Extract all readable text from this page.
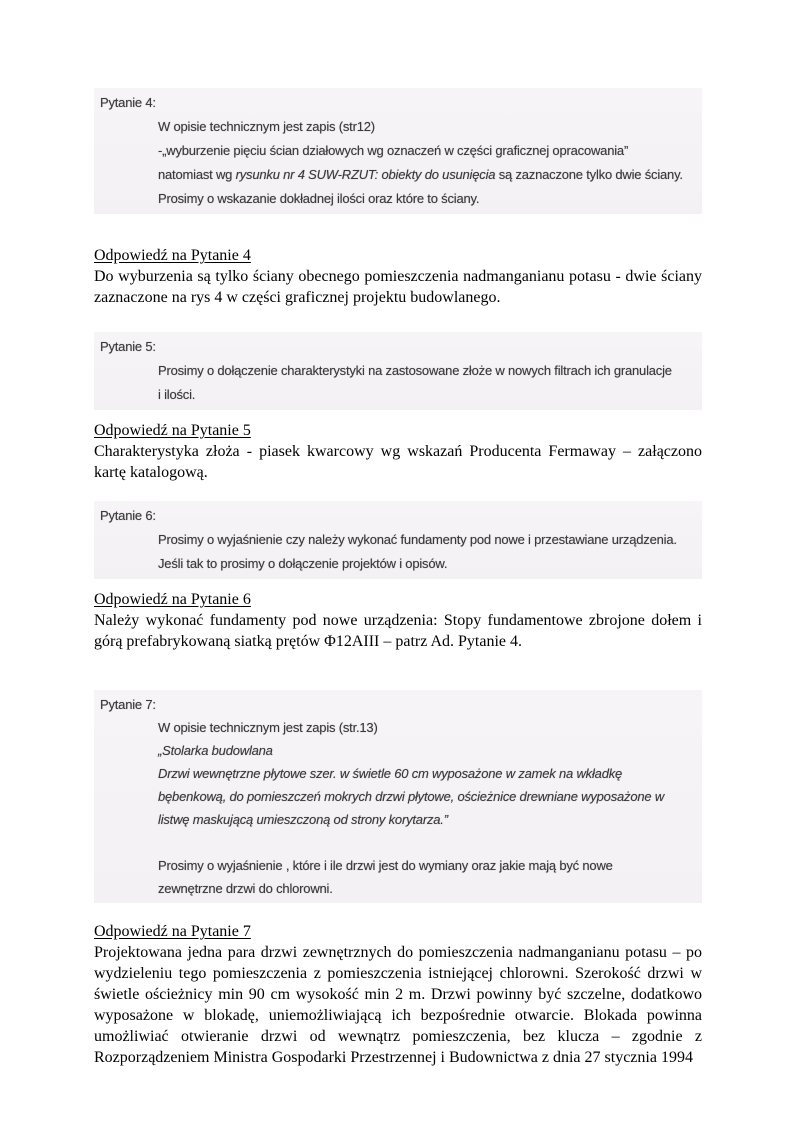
Pytanie 4:
W opisie technicznym jest zapis (str12)
-„wyburzenie pięciu ścian działowych wg oznaczeń w części graficznej opracowania”
natomiast wg rysunku nr 4 SUW-RZUT: obiekty do usunięcia są zaznaczone tylko dwie ściany.
Prosimy o wskazanie dokładnej ilości oraz które to ściany.
Odpowiedź na Pytanie 4

Do wyburzenia są tylko ściany obecnego pomieszczenia nadmanganianu potasu - dwie ściany zaznaczone na rys 4 w części graficznej projektu budowlanego.

Pytanie 5:
Prosimy o dołączenie charakterystyki na zastosowane złoże w nowych filtrach ich granulacje
i ilości.
Odpowiedź na Pytanie 5

Charakterystyka złoża - piasek kwarcowy wg wskazań Producenta Fermaway – załączono kartę katalogową.

Pytanie 6:
Prosimy o wyjaśnienie czy należy wykonać fundamenty pod nowe i przestawiane urządzenia.
Jeśli tak to prosimy o dołączenie projektów i opisów.
Odpowiedź na Pytanie 6

Należy wykonać fundamenty pod nowe urządzenia: Stopy fundamentowe zbrojone dołem i górą prefabrykowaną siatką prętów Φ12AIII – patrz Ad. Pytanie 4.

Pytanie 7:
W opisie technicznym jest zapis (str.13)
„Stolarka budowlana
Drzwi wewnętrzne płytowe szer. w świetle 60 cm wyposażone w zamek na wkładkę
bębenkową, do pomieszczeń mokrych drzwi płytowe, ościeżnice drewniane wyposażone w
listwę maskującą umieszczoną od strony korytarza.”
Prosimy o wyjaśnienie , które i ile drzwi jest do wymiany oraz jakie mają być nowe
zewnętrzne drzwi do chlorowni.
Odpowiedź na Pytanie 7

Projektowana jedna para drzwi zewnętrznych do pomieszczenia nadmanganianu potasu – po wydzieleniu tego pomieszczenia z pomieszczenia istniejącej chlorowni. Szerokość drzwi w świetle ościeżnicy min 90 cm wysokość min 2 m. Drzwi powinny być szczelne, dodatkowo wyposażone w blokadę, uniemożliwiającą ich bezpośrednie otwarcie. Blokada powinna umożliwiać otwieranie drzwi od wewnątrz pomieszczenia, bez klucza – zgodnie z Rozporządzeniem Ministra Gospodarki Przestrzennej i Budownictwa z dnia 27 stycznia 1994
